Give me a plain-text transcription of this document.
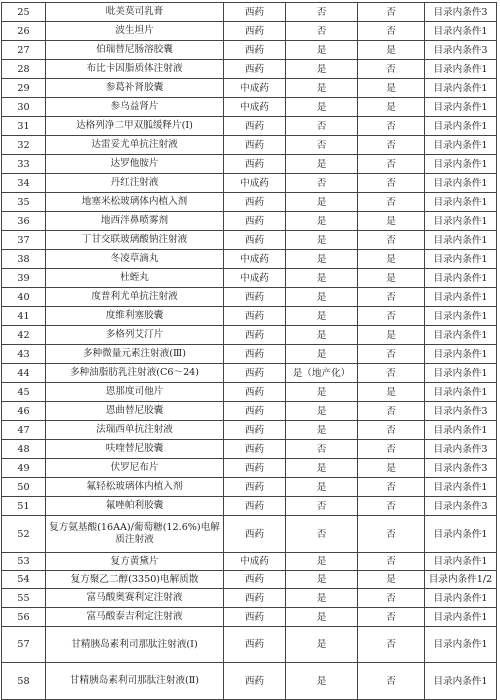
25	吡美莫司乳膏	西药	否	否	目录内条件3
26	波生坦片	西药	否	否	目录内条件1
27	伯瑞替尼肠溶胶囊	西药	是	是	目录内条件3
28	布比卡因脂质体注射液	西药	是	否	目录内条件1
29	参葛补肾胶囊	中成药	是	是	目录内条件1
30	参乌益肾片	中成药	是	是	目录内条件1
31	达格列净二甲双胍缓释片(Ⅰ)	西药	否	否	目录内条件1
32	达雷妥尤单抗注射液	西药	否	否	目录内条件1
33	达罗他胺片	西药	是	否	目录内条件1
34	丹红注射液	中成药	否	否	目录内条件1
35	地塞米松玻璃体内植入剂	西药	是	否	目录内条件1
36	地西泮鼻喷雾剂	西药	是	是	目录内条件1
37	丁甘交联玻璃酸钠注射液	西药	是	否	目录内条件1
38	冬凌草滴丸	中成药	是	是	目录内条件1
39	杜蛭丸	中成药	是	是	目录内条件1
40	度普利尤单抗注射液	西药	是	否	目录内条件1
41	度维利塞胶囊	西药	是	否	目录内条件1
42	多格列艾汀片	西药	是	是	目录内条件1
43	多种微量元素注射液(Ⅲ)	西药	是	否	目录内条件1
44	多种油脂肪乳注射液(C6～24)	西药	是（地产化）	否	目录内条件1
45	恩那度司他片	西药	是	是	目录内条件1
46	恩曲替尼胶囊	西药	是	否	目录内条件3
47	法瑞西单抗注射液	西药	是	否	目录内条件1
48	呋喹替尼胶囊	西药	否	否	目录内条件3
49	伏罗尼布片	西药	是	是	目录内条件3
50	氟轻松玻璃体内植入剂	西药	是	否	目录内条件1
51	氟唑帕利胶囊	西药	否	否	目录内条件3
52	复方氨基酸(16AA)/葡萄糖(12.6%)电解质注射液	西药	否	否	目录内条件1
53	复方黄黛片	中成药	是	否	目录内条件1
54	复方聚乙二醇(3350)电解质散	西药	是	是	目录内条件1/2
55	富马酸奥赛利定注射液	西药	是	否	目录内条件1
56	富马酸泰吉利定注射液	西药	是	否	目录内条件1
57	甘精胰岛素利司那肽注射液(Ⅰ)	西药	是	否	目录内条件1
58	甘精胰岛素利司那肽注射液(Ⅱ)	西药	是	否	目录内条件1
